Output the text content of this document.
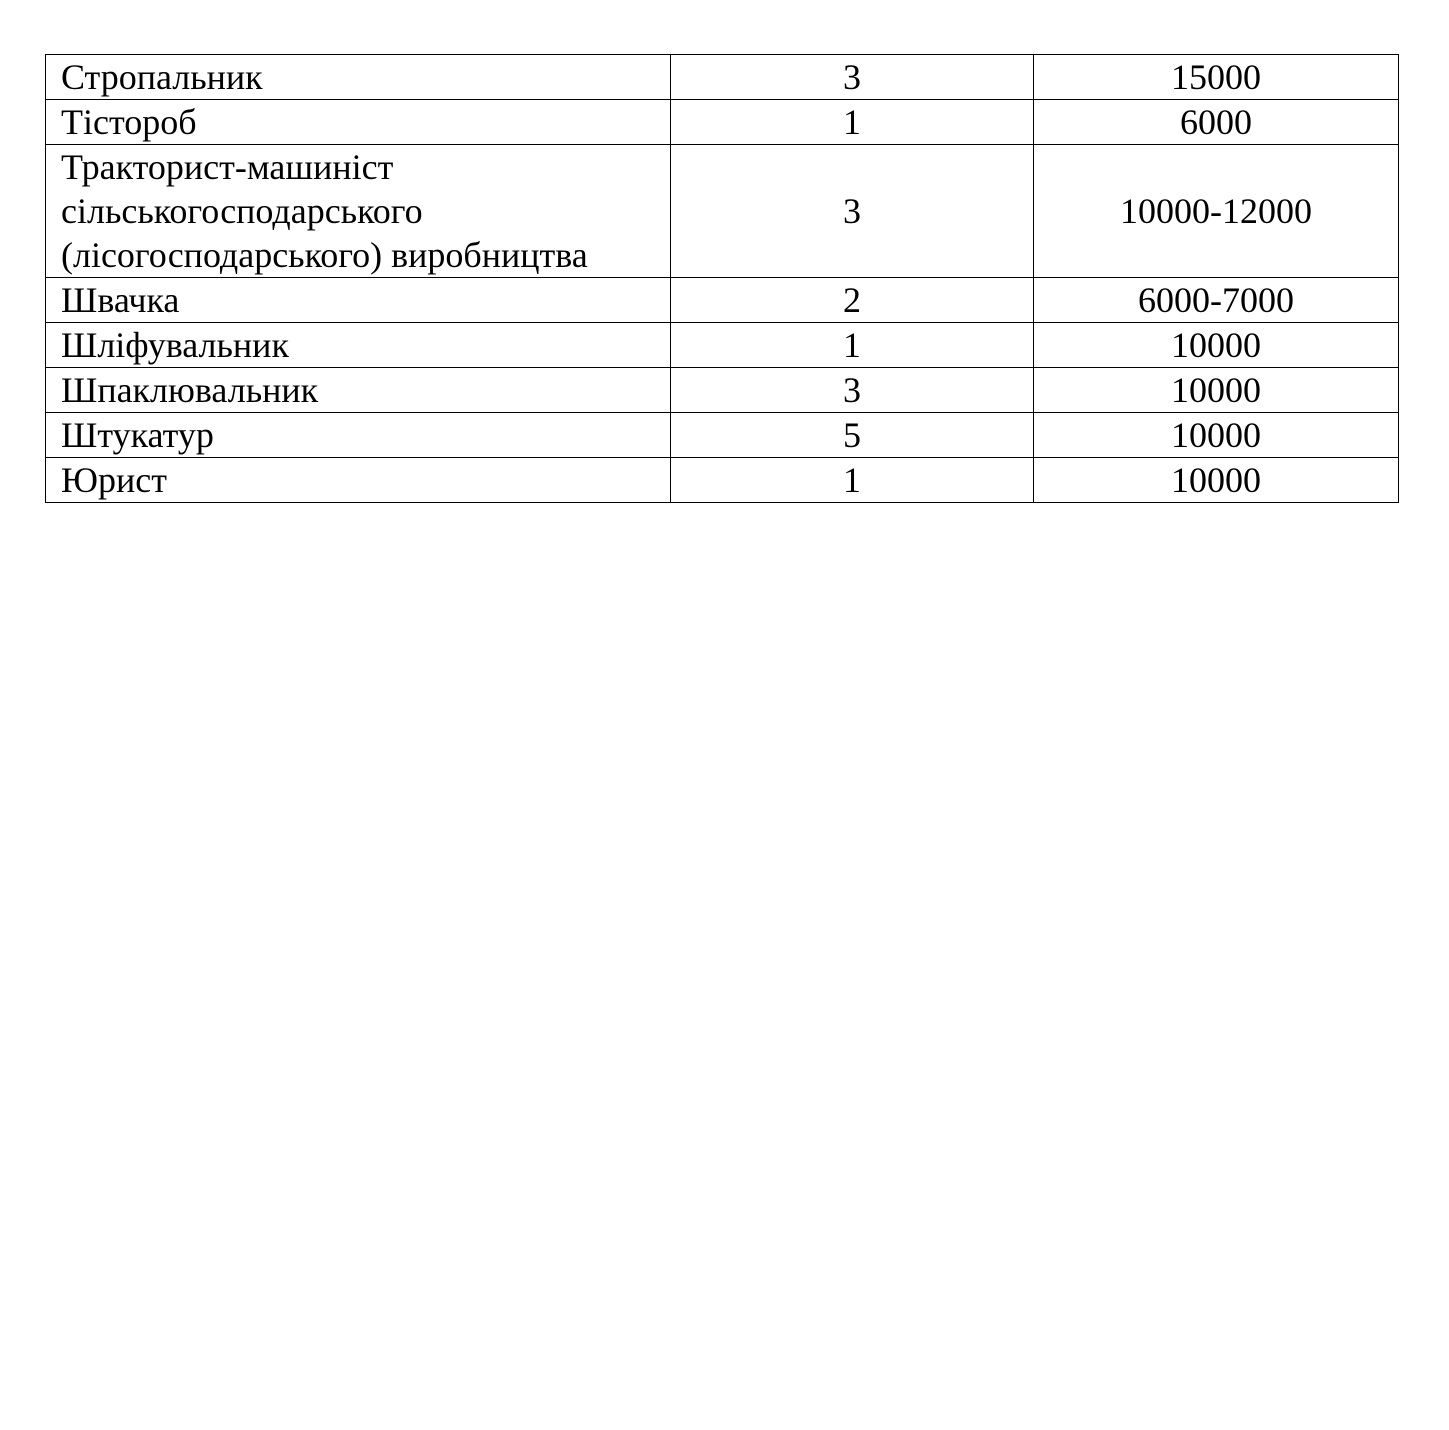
Стропальник	3	15000
Тістороб	1	6000
Тракторист-машиніст сільськогосподарського (лісогосподарського) виробництва	3	10000-12000
Швачка	2	6000-7000
Шліфувальник	1	10000
Шпаклювальник	3	10000
Штукатур	5	10000
Юрист	1	10000
